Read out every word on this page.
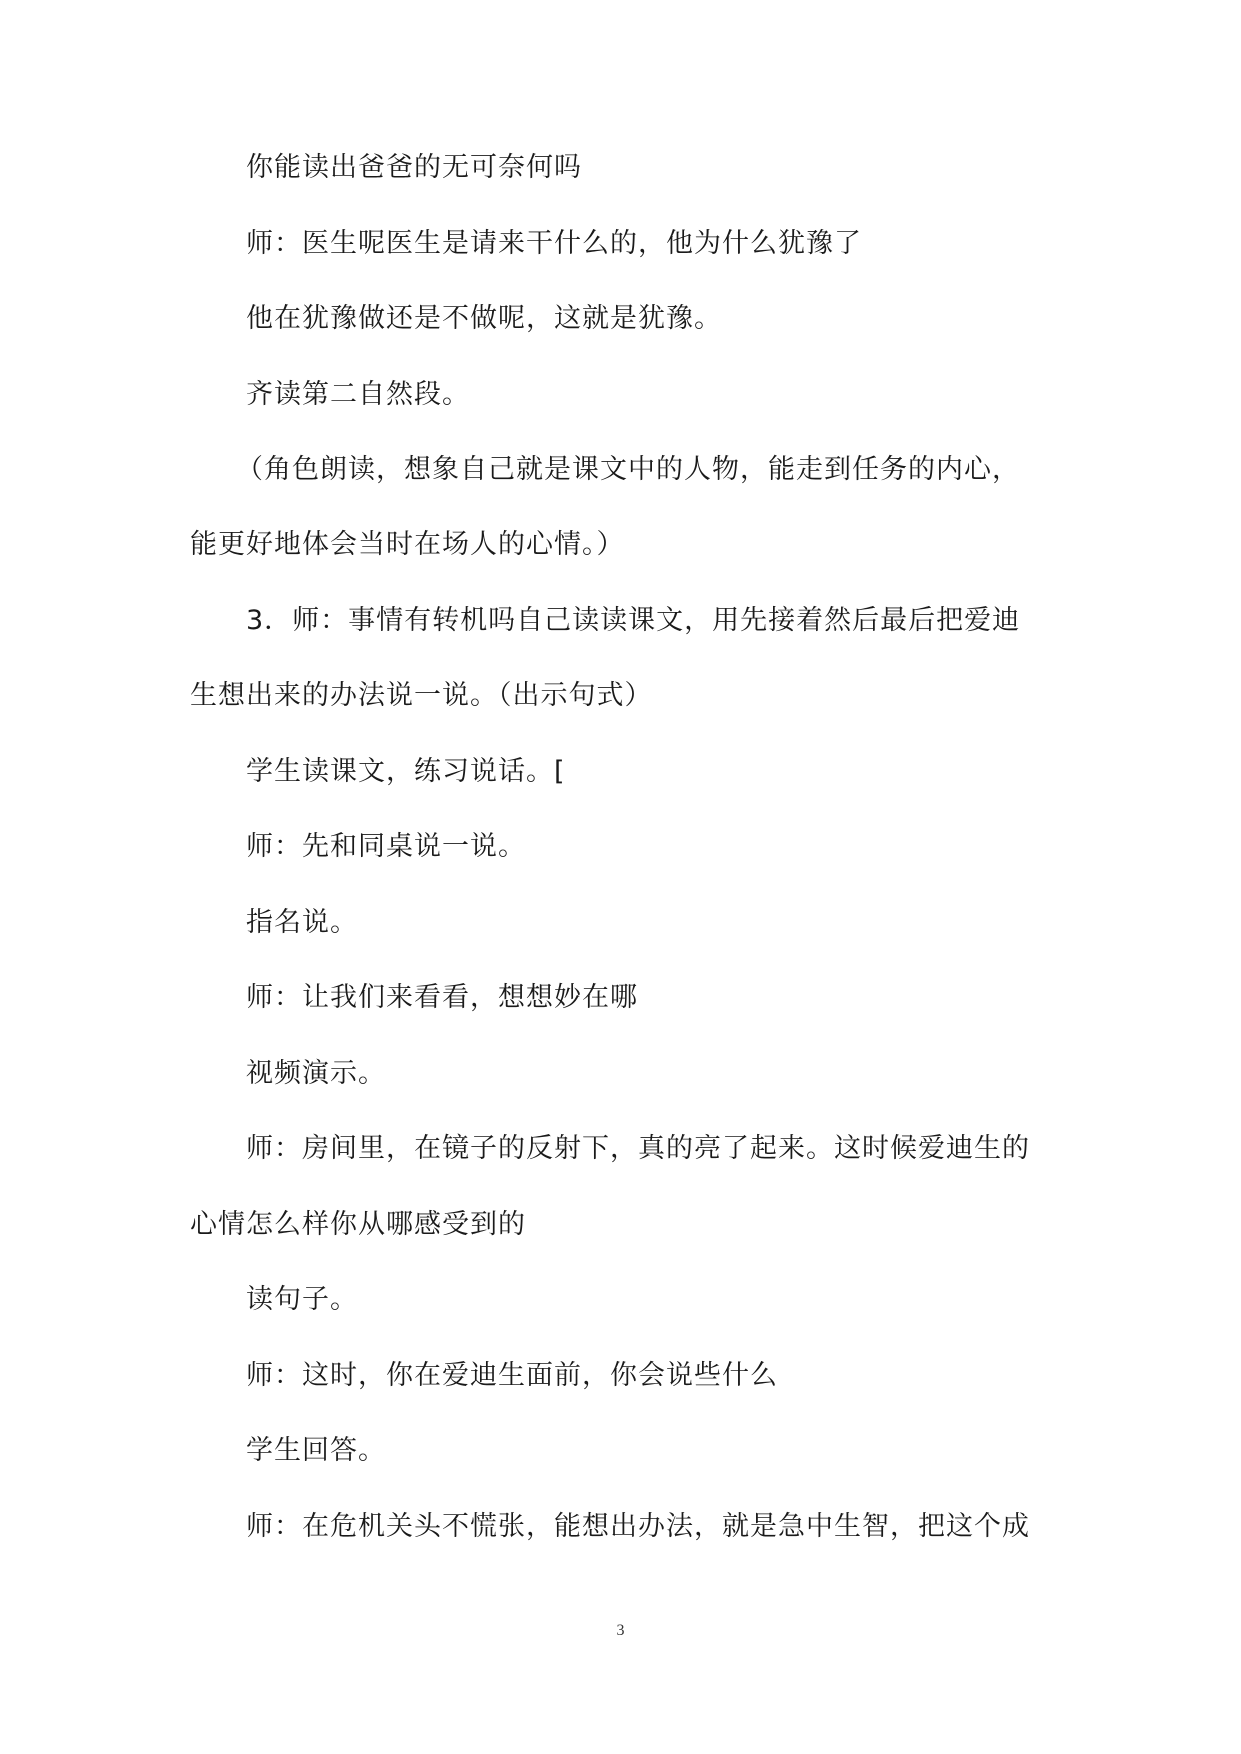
你能读出爸爸的无可奈何吗
师：医生呢医生是请来干什么的，他为什么犹豫了
他在犹豫做还是不做呢，这就是犹豫。
齐读第二自然段。
（角色朗读，想象自己就是课文中的人物，能走到任务的内心，
能更好地体会当时在场人的心情。）
3．师：事情有转机吗自己读读课文，用先接着然后最后把爱迪
生想出来的办法说一说。（出示句式）
学生读课文，练习说话。[
师：先和同桌说一说。
指名说。
师：让我们来看看，想想妙在哪
视频演示。
师：房间里，在镜子的反射下，真的亮了起来。这时候爱迪生的
心情怎么样你从哪感受到的
读句子。
师：这时，你在爱迪生面前，你会说些什么
学生回答。
师：在危机关头不慌张，能想出办法，就是急中生智，把这个成
3
